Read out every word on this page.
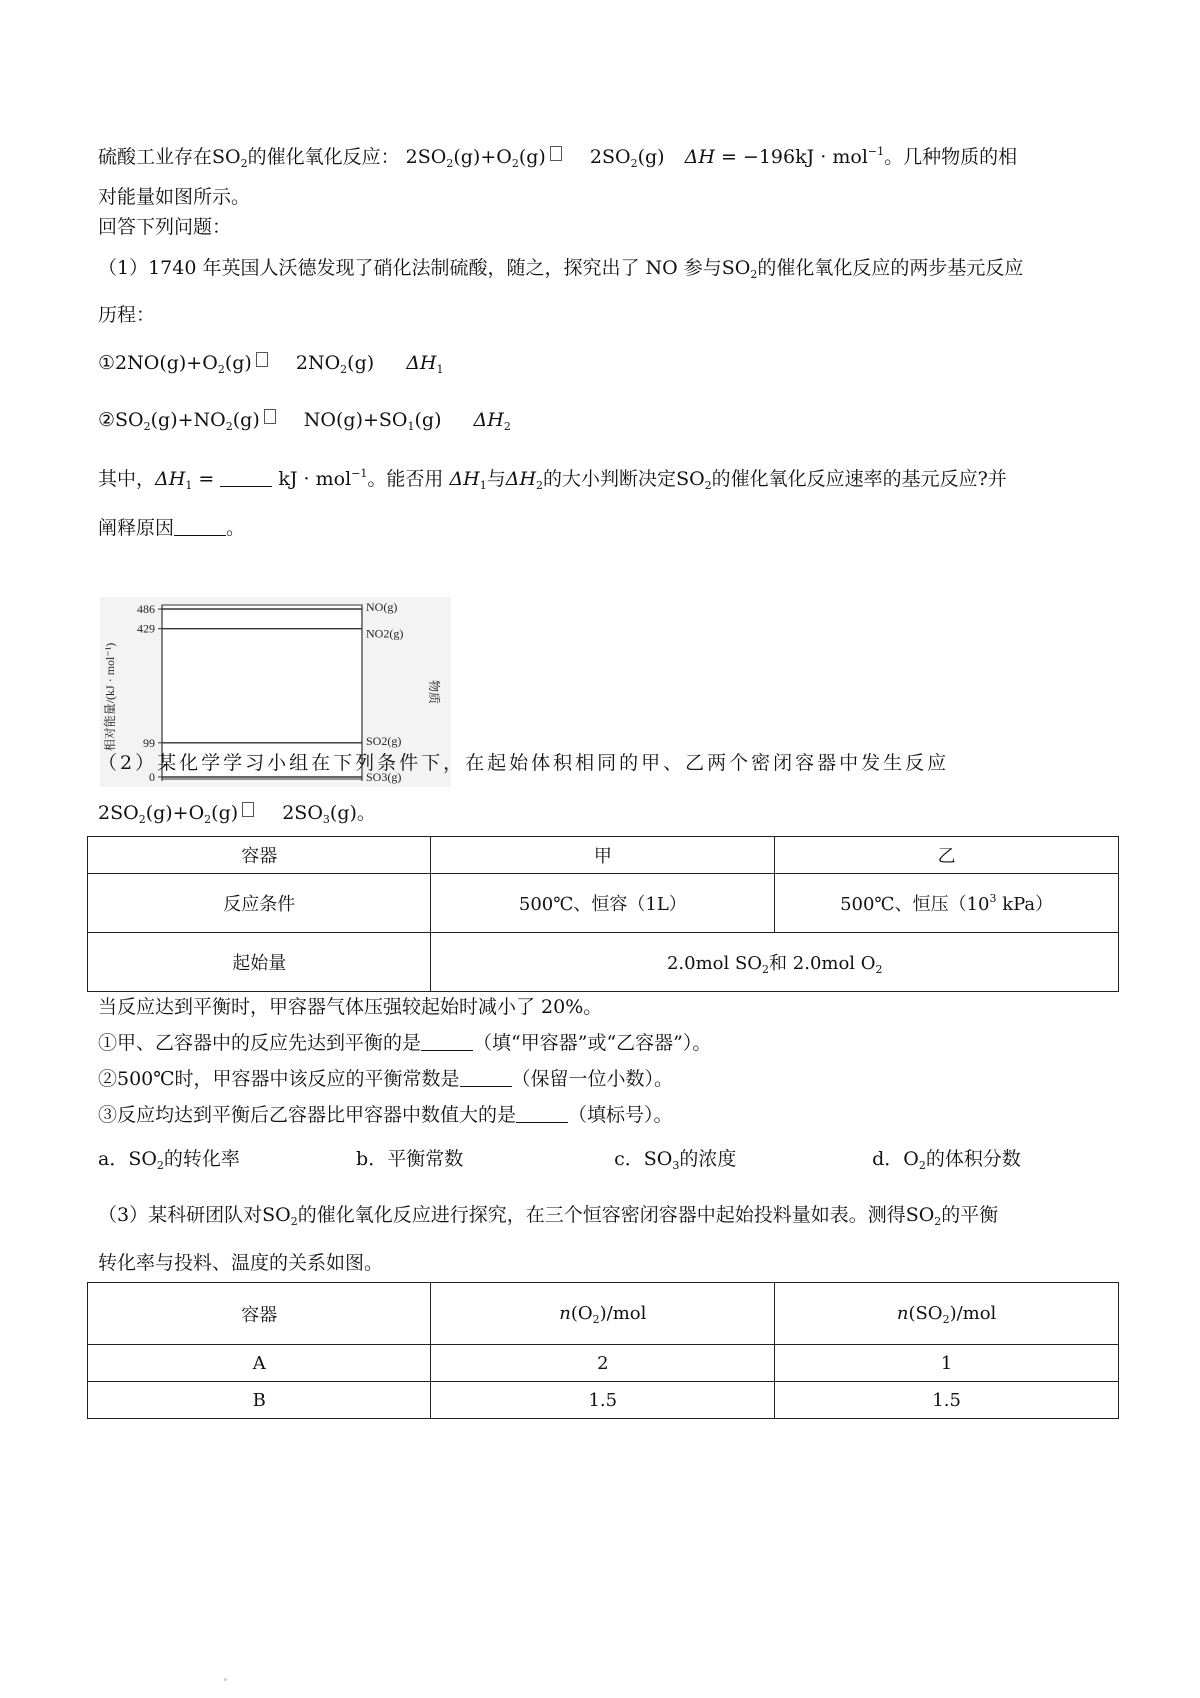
硫酸工业存在$SO_2$的催化氧化反应： $2SO_2(g)+O_2(g)$ $2SO_2(g) \Delta H = -196kJ \cdot mol^{-1}$。几种物质的相
对能量如图所示。
回答下列问题：
（1）1740 年英国人沃德发现了硝化法制硫酸，随之，探究出了 NO 参与$SO_2$的催化氧化反应的两步基元反应
历程：
$①2NO(g)+O_2(g)$ $2NO_2(g)$ $\Delta H_1$
$②SO_2(g)+NO_2(g)$ $NO(g)+SO_1(g)$ $\Delta H_2$
其中，$\Delta H_1$ =	kJ · mol$^{-1}$。能否用 $\Delta H_1$与$\Delta H_2$的大小判断决定$SO_2$的催化氧化反应速率的基元反应?并
阐释原因	。
486	NO(g)
429	NO2(g)
99	SO2(g)
0	SO3(g)
相对能量/(kJ · mol⁻¹)	物质
（2）某化学学习小组在下列条件下，在起始体积相同的甲、乙两个密闭容器中发生反应
$2SO_2(g)+O_2(g)$ $2SO_3(g)$。
容器	甲	乙
反应条件	500℃、恒容（1L）	500℃、恒压（$10^3$ kPa）
起始量	2.0mol $SO_2$和 2.0mol $O_2$
当反应达到平衡时，甲容器气体压强较起始时减小了 20%。
①甲、乙容器中的反应先达到平衡的是	（填“甲容器”或“乙容器”）。
②500℃时，甲容器中该反应的平衡常数是	（保留一位小数）。
③反应均达到平衡后乙容器比甲容器中数值大的是	（填标号）。
a．$SO_2$的转化率	b．平衡常数	c．$SO_3$的浓度	d．$O_2$的体积分数
（3）某科研团队对$SO_2$的催化氧化反应进行探究，在三个恒容密闭容器中起始投料量如表。测得$SO_2$的平衡
转化率与投料、温度的关系如图。
容器	$n(O_2)$/mol	$n(SO_2)$/mol
A	2	1
B	1.5	1.5
